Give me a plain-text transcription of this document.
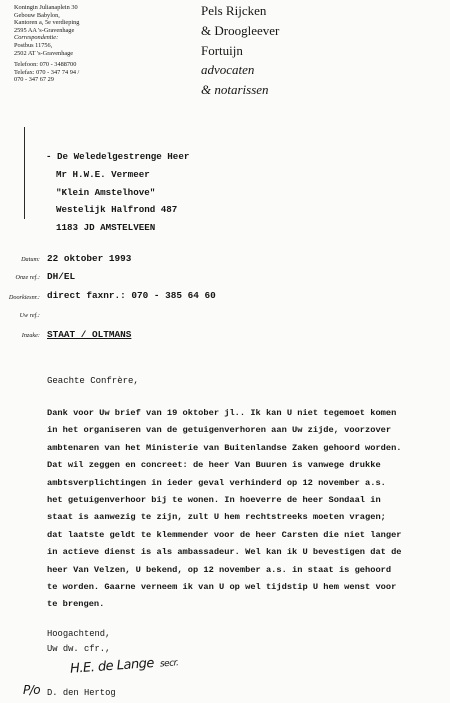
Koningin Julianaplein 30
Gebouw Babylon,
Kantoren a, 5e verdieping
2595 AA 's-Gravenhage
Correspondentie:
Postbus 11756,
2502 AT 's-Gravenhage
Telefoon: 070 - 3488700
Telefax: 070 - 347 74 94 /
070 - 347 67 29
Pels Rijcken
& Droogleever
Fortuijn
advocaten
& notarissen
- De Weledelgestrenge Heer
Mr H.W.E. Vermeer
"Klein Amstelhove"
Westelijk Halfrond 487
1183 JD AMSTELVEEN
Datum: 22 oktober 1993
Onze ref.: DH/EL
Doorkiesnr.: direct faxnr.: 070 - 385 64 60
Uw ref.:
Inzake: STAAT / OLTMANS
Geachte Confrère,
Dank voor Uw brief van 19 oktober jl.. Ik kan U niet tegemoet komen
in het organiseren van de getuigenverhoren aan Uw zijde, voorzover
ambtenaren van het Ministerie van Buitenlandse Zaken gehoord worden.
Dat wil zeggen en concreet: de heer Van Buuren is vanwege drukke
ambtsverplichtingen in ieder geval verhinderd op 12 november a.s.
het getuigenverhoor bij te wonen. In hoeverre de heer Sondaal in
staat is aanwezig te zijn, zult U hem rechtstreeks moeten vragen;
dat laatste geldt te klemmender voor de heer Carsten die niet langer
in actieve dienst is als ambassadeur. Wel kan ik U bevestigen dat de
heer Van Velzen, U bekend, op 12 november a.s. in staat is gehoord
te worden. Gaarne verneem ik van U op wel tijdstip U hem wenst voor
te brengen.
Hoogachtend,
Uw dw. cfr.,
P/o
H.E. de Lange secr.
D. den Hertog
